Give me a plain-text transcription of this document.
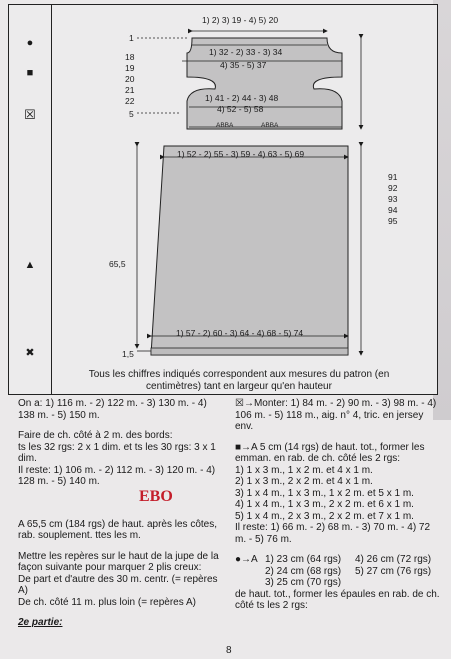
●
■
☒
▲
✖
1) 2) 3) 19 - 4) 5) 20
1
18
19
20
21
22
5
1) 32 - 2) 33 - 3) 34
4) 35 - 5) 37
1) 41 - 2) 44 - 3) 48
4) 52 - 5) 58
ABBA	ABBA
1) 52 - 2) 55 - 3) 59 - 4) 63 - 5) 69
91
92
93
94
95
65,5
1) 57 - 2) 60 - 3) 64 - 4) 68 - 5) 74
1,5
Tous les chiffres indiqués correspondent aux mesures du patron (en centimètres) tant en largeur qu'en hauteur

On a: 1) 116 m. - 2) 122 m. - 3) 130 m. - 4) 138 m. - 5) 150 m.

Faire de ch. côté à 2 m. des bords:
ts les 32 rgs: 2 x 1 dim. et ts les 30 rgs: 3 x 1 dim.

Il reste: 1) 106 m. - 2) 112 m. - 3) 120 m. - 4) 128 m. - 5) 140 m.

A 65,5 cm (184 rgs) de haut. après les côtes, rab. souplement. ttes les m.

Mettre les repères sur le haut de la jupe de la façon suivante pour marquer 2 plis creux:
De part et d'autre des 30 m. centr. (= repères A)

De ch. côté 11 m. plus loin (= repères A)

2e partie:
EBO

☒→Monter: 1) 84 m. - 2) 90 m. - 3) 98 m. - 4) 106 m. - 5) 118 m., aig. n° 4, tric. en jersey env.

■→A 5 cm (14 rgs) de haut. tot., former les emman. en rab. de ch. côté les 2 rgs:
1) 1 x 3 m., 1 x 2 m. et 4 x 1 m.
2) 1 x 3 m., 2 x 2 m. et 4 x 1 m.
3) 1 x 4 m., 1 x 3 m., 1 x 2 m. et 5 x 1 m.
4) 1 x 4 m., 1 x 3 m., 2 x 2 m. et 6 x 1 m.
5) 1 x 4 m., 2 x 3 m., 2 x 2 m. et 7 x 1 m.

Il reste: 1) 66 m. - 2) 68 m. - 3) 70 m. - 4) 72 m. - 5) 76 m.

●→A 1) 23 cm (64 rgs)	4) 26 cm (72 rgs)
2) 24 cm (68 rgs)	5) 27 cm (76 rgs)
3) 25 cm (70 rgs)
de haut. tot., former les épaules en rab. de ch. côté ts les 2 rgs:
8
